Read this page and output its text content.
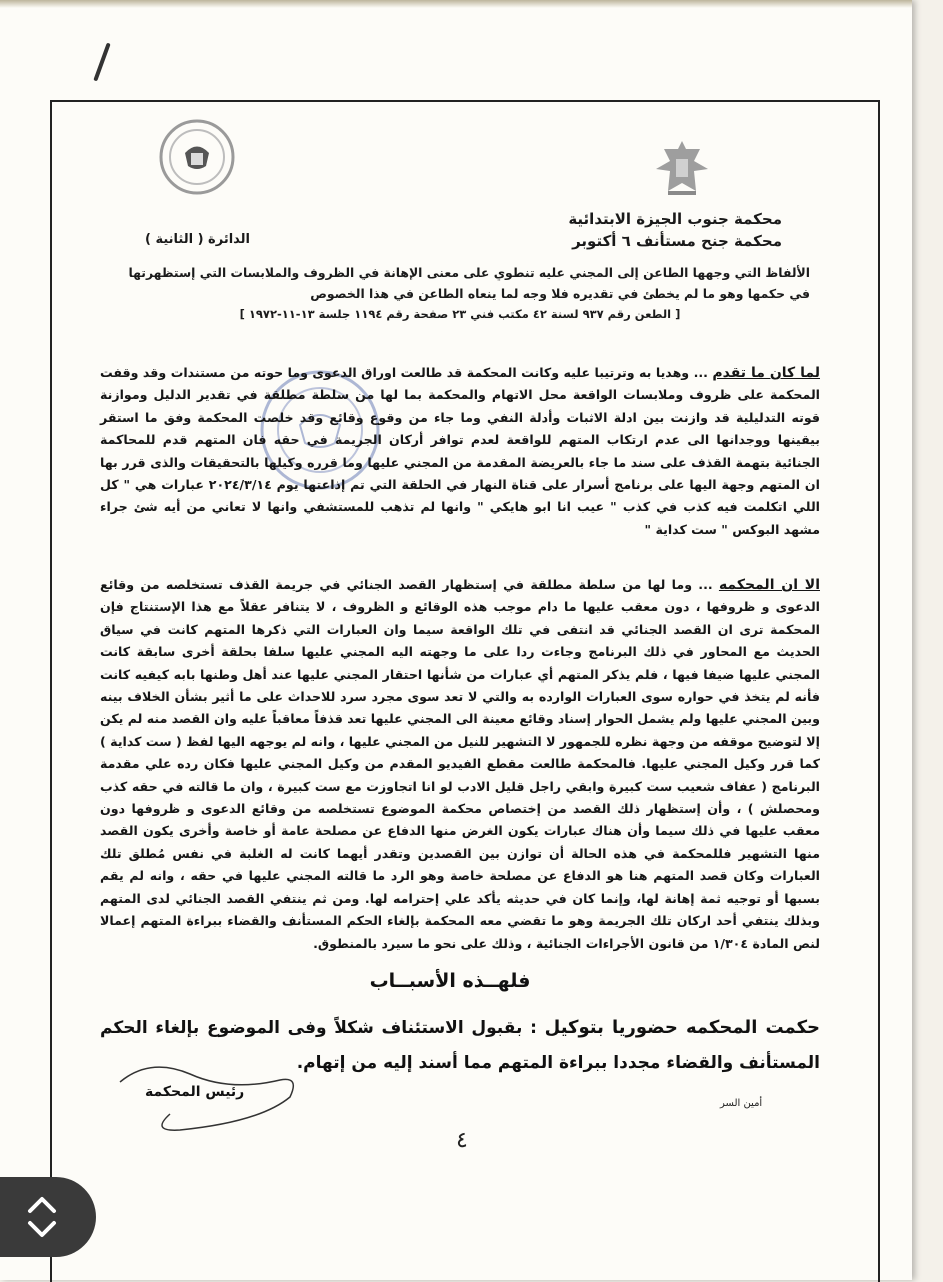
محكمة جنوب الجيزة الابتدائية
محكمة جنح مستأنف ٦ أكتوبر
الدائرة ( الثانية )
الألفاظ التي وجهها الطاعن إلى المجني عليه تنطوي على معنى الإهانة في الظروف والملابسات التي إستظهرتها
في حكمها وهو ما لم يخطئ في تقديره فلا وجه لما ينعاه الطاعن في هذا الخصوص
[ الطعن رقم ٩٣٧ لسنة ٤٢ مكتب فني ٢٣ صفحة رقم ١١٩٤ جلسة ١٣-١١-١٩٧٢ ]
لما كان ما تقدم ... وهديا به وترتيبا عليه وكانت المحكمة قد طالعت اوراق الدعوى وما حوته من مستندات وقد وقفت المحكمة على ظروف وملابسات الواقعة محل الاتهام والمحكمة بما لها من سلطة مطلقة في تقدير الدليل وموازنة قوته التدليلية قد وازنت بين ادلة الاثبات وأدلة النفي وما جاء من وقوع وقائع وقد خلصت المحكمة وفق ما استقر بيقينها ووجدانها الى عدم ارتكاب المتهم للواقعة لعدم توافر أركان الجريمة في حقه فان المتهم قدم للمحاكمة الجنائية بتهمة القذف على سند ما جاء بالعريضة المقدمة من المجني عليها وما قرره وكيلها بالتحقيقات والذى قرر بها ان المتهم وجهة اليها على برنامج أسرار على قناة النهار في الحلقة التي تم إذاعتها يوم ٢٠٢٤/٣/١٤ عبارات هي " كل اللي اتكلمت فيه كذب في كذب " عيب انا ابو هايكي " وانها لم تذهب للمستشفي وانها لا تعاني من أيه شئ جراء مشهد البوكس " ست كداية "
الا ان المحكمه ... وما لها من سلطة مطلقة في إستظهار القصد الجنائي في جريمة القذف تستخلصه من وقائع الدعوى و ظروفها ، دون معقب عليها ما دام موجب هذه الوقائع و الظروف ، لا يتنافر عقلاً مع هذا الإستنتاج فإن المحكمة ترى ان القصد الجنائي قد انتفى في تلك الواقعة سيما وان العبارات التي ذكرها المتهم كانت في سياق الحديث مع المحاور في ذلك البرنامج وجاءت ردا على ما وجهته اليه المجني عليها سلفا بحلقة أخرى سابقة كانت المجني عليها ضيفا فيها ، فلم يذكر المتهم أي عبارات من شأنها احتقار المجني عليها عند أهل وطنها بابه كيفيه كانت فأنه لم يتخذ في حواره سوى العبارات الوارده به والتي لا تعد سوى مجرد سرد للاحداث على ما أثير بشأن الخلاف بينه وبين المجني عليها ولم يشمل الحوار إسناد وقائع معينة الى المجني عليها تعد قذفاً معاقباً عليه وان القصد منه لم يكن إلا لتوضيح موقفه من وجهة نظره للجمهور لا التشهير للنيل من المجني عليها ، وانه لم يوجهه اليها لفظ ( ست كداية ) كما قرر وكيل المجني عليها. فالمحكمة طالعت مقطع الفيديو المقدم من وكيل المجني عليها فكان رده علي مقدمة البرنامج ( عفاف شعيب ست كبيرة وابقي راجل قليل الادب لو انا اتجاوزت مع ست كبيرة ، وان ما قالته في حقه كذب ومحصلش ) ، وأن إستظهار ذلك القصد من إختصاص محكمة الموضوع تستخلصه من وقائع الدعوى و ظروفها دون معقب عليها في ذلك سيما وأن هناك عبارات يكون الغرض منها الدفاع عن مصلحة عامة أو خاصة وأخرى يكون القصد منها التشهير فللمحكمة في هذه الحالة أن توازن بين القصدين وتقدر أيهما كانت له الغلبة في نفس مُطلق تلك العبارات وكان قصد المتهم هنا هو الدفاع عن مصلحة خاصة وهو الرد ما قالته المجني عليها في حقه ، وانه لم يقم بسبها أو توجيه ثمة إهانة لها، وإنما كان في حديثه يأكد علي إحترامه لها. ومن ثم ينتفي القصد الجنائي لدى المتهم وبذلك ينتفي أحد اركان تلك الجريمة وهو ما تقضي معه المحكمة بإلغاء الحكم المستأنف والقضاء ببراءة المتهم إعمالا لنص المادة ١/٣٠٤ من قانون الأجراءات الجنائية ، وذلك على نحو ما سيرد بالمنطوق.
فلهــذه الأسبــاب
حكمت المحكمه حضوريا بتوكيل : بقبول الاستئناف شكلاً وفى الموضوع بإلغاء الحكم المستأنف والقضاء مجددا ببراءة المتهم مما أسند إليه من إتهام.
أمين السر
رئيس المحكمة
٤
